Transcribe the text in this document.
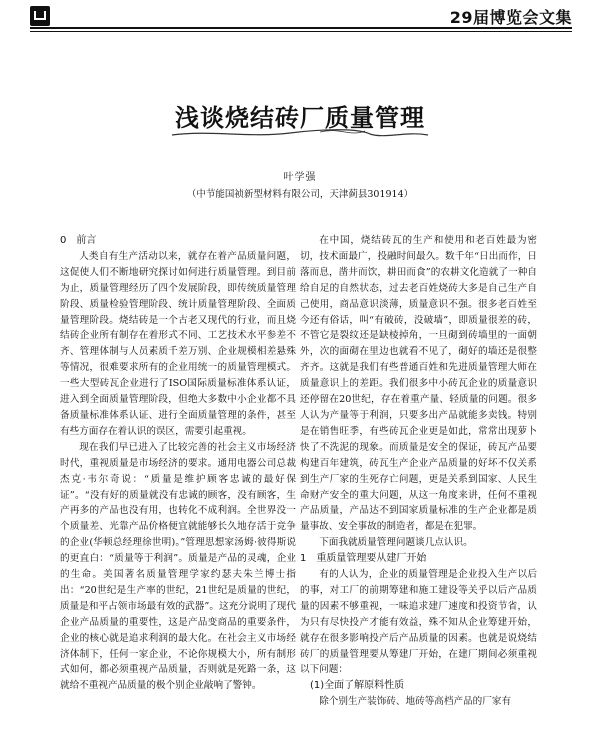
29届博览会文集
浅谈烧结砖厂质量管理
叶学强
（中节能国祯新型材料有限公司，天津蓟县301914）
0　前言

人类自有生产活动以来，就存在着产品质量问题，这促使人们不断地研究探讨如何进行质量管理。到目前为止，质量管理经历了四个发展阶段，即传统质量管理阶段、质量检验管理阶段、统计质量管理阶段、全面质量管理阶段。烧结砖是一个古老又现代的行业，而且烧结砖企业所有制存在着形式不同、工艺技术水平参差不齐、管理体制与人员素质千差万别、企业规模相差悬殊等情况，很难要求所有的企业用统一的质量管理模式。一些大型砖瓦企业进行了ISO国际质量标准体系认证，进入到全面质量管理阶段，但绝大多数中小企业都不具备质量标准体系认证、进行全面质量管理的条件，甚至有些方面存在着认识的误区，需要引起重视。

现在我们早已进入了比较完善的社会主义市场经济时代，重视质量是市场经济的要求。通用电器公司总裁杰克·韦尔奇说：“质量是维护顾客忠诚的最好保证”。“没有好的质量就没有忠诚的顾客，没有顾客，生产再多的产品也没有用，也转化不成利润。全世界没一个质量差、光靠产品价格便宜就能够长久地存活于竞争的企业(华顿总经理徐世明)。”管理思想家汤姆·彼得斯说的更直白：“质量等于利润”。质量是产品的灵魂，企业的生命。美国著名质量管理学家约瑟夫朱兰博士指出：“20世纪是生产率的世纪，21世纪是质量的世纪，质量是和平占领市场最有效的武器”。这充分说明了现代企业产品质量的重要性，这是产品变商品的重要条件，企业的核心就是追求利润的最大化。在社会主义市场经济体制下，任何一家企业，不论你规模大小，所有制形式如何，都必须重视产品质量，否则就是死路一条，这就给不重视产品质量的极个别企业敲响了警钟。

在中国，烧结砖瓦的生产和使用和老百姓最为密切，技术面最广，投融时间最久。数千年“日出而作，日落而息，凿井而饮，耕田而食”的农耕文化造就了一种自给自足的自然状态，过去老百姓烧砖大多是自己生产自己使用，商品意识淡薄，质量意识不强。很多老百姓至今还有俗话，叫“有破砖，没破墙”，即质量很差的砖，不管它是裂纹还是缺棱掉角，一旦砌到砖墙里的一面朝外，次的面砌在里边也就看不见了，砌好的墙还是很整齐齐。这就是我们有些普通百姓和先进质量管理大师在质量意识上的差距。我们很多中小砖瓦企业的质量意识还停留在20世纪，存在着重产量、轻质量的问题。很多人认为产量等于利润，只要多出产品就能多卖钱。特别是在销售旺季，有些砖瓦企业更是如此，常常出现萝卜快了不洗泥的现象。而质量是安全的保证，砖瓦产品要构建百年建筑，砖瓦生产企业产品质量的好坏不仅关系到生产厂家的生死存亡问题，更是关系到国家、人民生命财产安全的重大问题，从这一角度来讲，任何不重视产品质量，产品达不到国家质量标准的生产企业都是质量事故、安全事故的制造者，都是在犯罪。

下面我就质量管理问题谈几点认识。

1　重质量管理要从建厂开始

有的人认为，企业的质量管理是企业投入生产以后的事，对工厂的前期筹建和施工建设等关乎以后产品质量的因素不够重视，一味追求建厂速度和投资节省，认为只有尽快投产才能有效益，殊不知从企业筹建开始，就存在很多影响投产后产品质量的因素。也就是说烧结砖厂的质量管理要从筹建厂开始，在建厂期间必须重视以下问题：

(1)全面了解原料性质

除个别生产装饰砖、地砖等高档产品的厂家有
